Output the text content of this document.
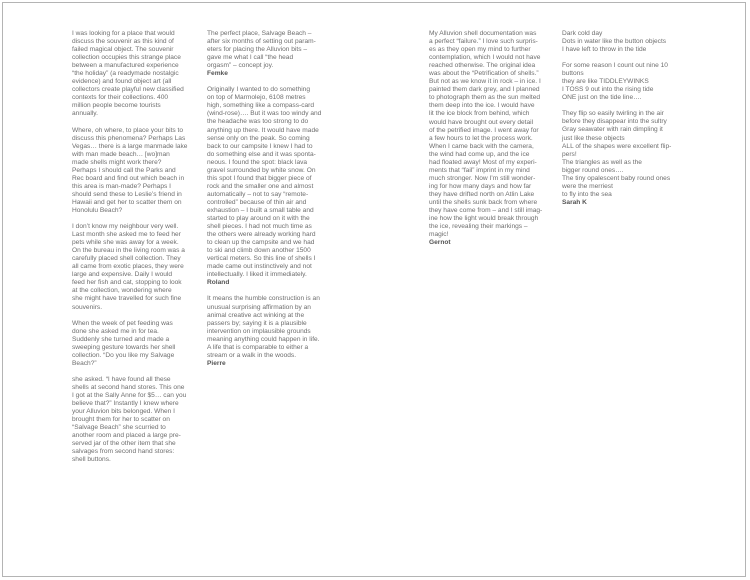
I was looking for a place that would
discuss the souvenir as this kind of
failed magical object. The souvenir
collection occupies this strange place
between a manufactured experience
“the holiday” (a readymade nostalgic
evidence) and found object art (all
collectors create playful new classified
contexts for their collections. 400
million people become tourists
annually.

Where, oh where, to place your bits to
discuss this phenomena? Perhaps Las
Vegas… there is a large manmade lake
with man made beach… [wo]man
made shells might work there?
Perhaps I should call the Parks and
Rec board and find out which beach in
this area is man-made? Perhaps I
should send these to Leslie’s friend in
Hawaii and get her to scatter them on
Honolulu Beach?

I don’t know my neighbour very well.
Last month she asked me to feed her
pets while she was away for a week.
On the bureau in the living room was a
carefully placed shell collection. They
all came from exotic places, they were
large and expensive. Daily I would
feed her fish and cat, stopping to look
at the collection, wondering where
she might have travelled for such fine
souvenirs.

When the week of pet feeding was
done she asked me in for tea.
Suddenly she turned and made a
sweeping gesture towards her shell
collection. “Do you like my Salvage
Beach?”

she asked. “I have found all these
shells at second hand stores. This one
I got at the Sally Anne for $5… can you
believe that?” Instantly I knew where
your Alluvion bits belonged. When I
brought them for her to scatter on
“Salvage Beach” she scurried to
another room and placed a large pre-
served jar of the other item that she
salvages from second hand stores:
shell buttons.

The perfect place, Salvage Beach –
after six months of setting out param-
eters for placing the Alluvion bits –
gave me what I call “the head
orgasm” – concept joy.

Femke

Originally I wanted to do something
on top of Marmolejo, 6108 metres
high, something like a compass-card
(wind-rose)…. But it was too windy and
the headache was too strong to do
anything up there. It would have made
sense only on the peak. So coming
back to our campsite I knew I had to
do something else and it was sponta-
neous. I found the spot: black lava
gravel surrounded by white snow. On
this spot I found that bigger piece of
rock and the smaller one and almost
automatically – not to say “remote-
controlled” because of thin air and
exhaustion – I built a small table and
started to play around on it with the
shell pieces. I had not much time as
the others were already working hard
to clean up the campsite and we had
to ski and climb down another 1500
vertical meters. So this line of shells I
made came out instinctively and not
intellectually. I liked it immediately.

Roland

It means the humble construction is an
unusual surprising affirmation by an
animal creative act winking at the
passers by; saying it is a plausible
intervention on implausible grounds
meaning anything could happen in life.
A life that is comparable to either a
stream or a walk in the woods.

Pierre

My Alluvion shell documentation was
a perfect “failure.” I love such surpris-
es as they open my mind to further
contemplation, which I would not have
reached otherwise. The original idea
was about the “Petrification of shells.”
But not as we know it in rock – in ice. I
painted them dark grey, and I planned
to photograph them as the sun melted
them deep into the ice. I would have
lit the ice block from behind, which
would have brought out every detail
of the petrified image. I went away for
a few hours to let the process work.
When I came back with the camera,
the wind had come up, and the ice
had floated away! Most of my experi-
ments that “fail” imprint in my mind
much stronger. Now I’m still wonder-
ing for how many days and how far
they have drifted north on Atlin Lake
until the shells sunk back from where
they have come from – and I still imag-
ine how the light would break through
the ice, revealing their markings –
magic!

Gernot

Dark cold day
Dots in water like the button objects
I have left to throw in the tide

For some reason I count out nine 10
buttons
they are like TIDDLEYWINKS
I TOSS 9 out into the rising tide
ONE just on the tide line….

They flip so easily twirling in the air
before they disappear into the sultry
Gray seawater with rain dimpling it
just like these objects
ALL of the shapes were excellent flip-
pers!
The triangles as well as the
bigger round ones….
The tiny opalescent baby round ones
were the merriest
to fly into the sea

Sarah K
